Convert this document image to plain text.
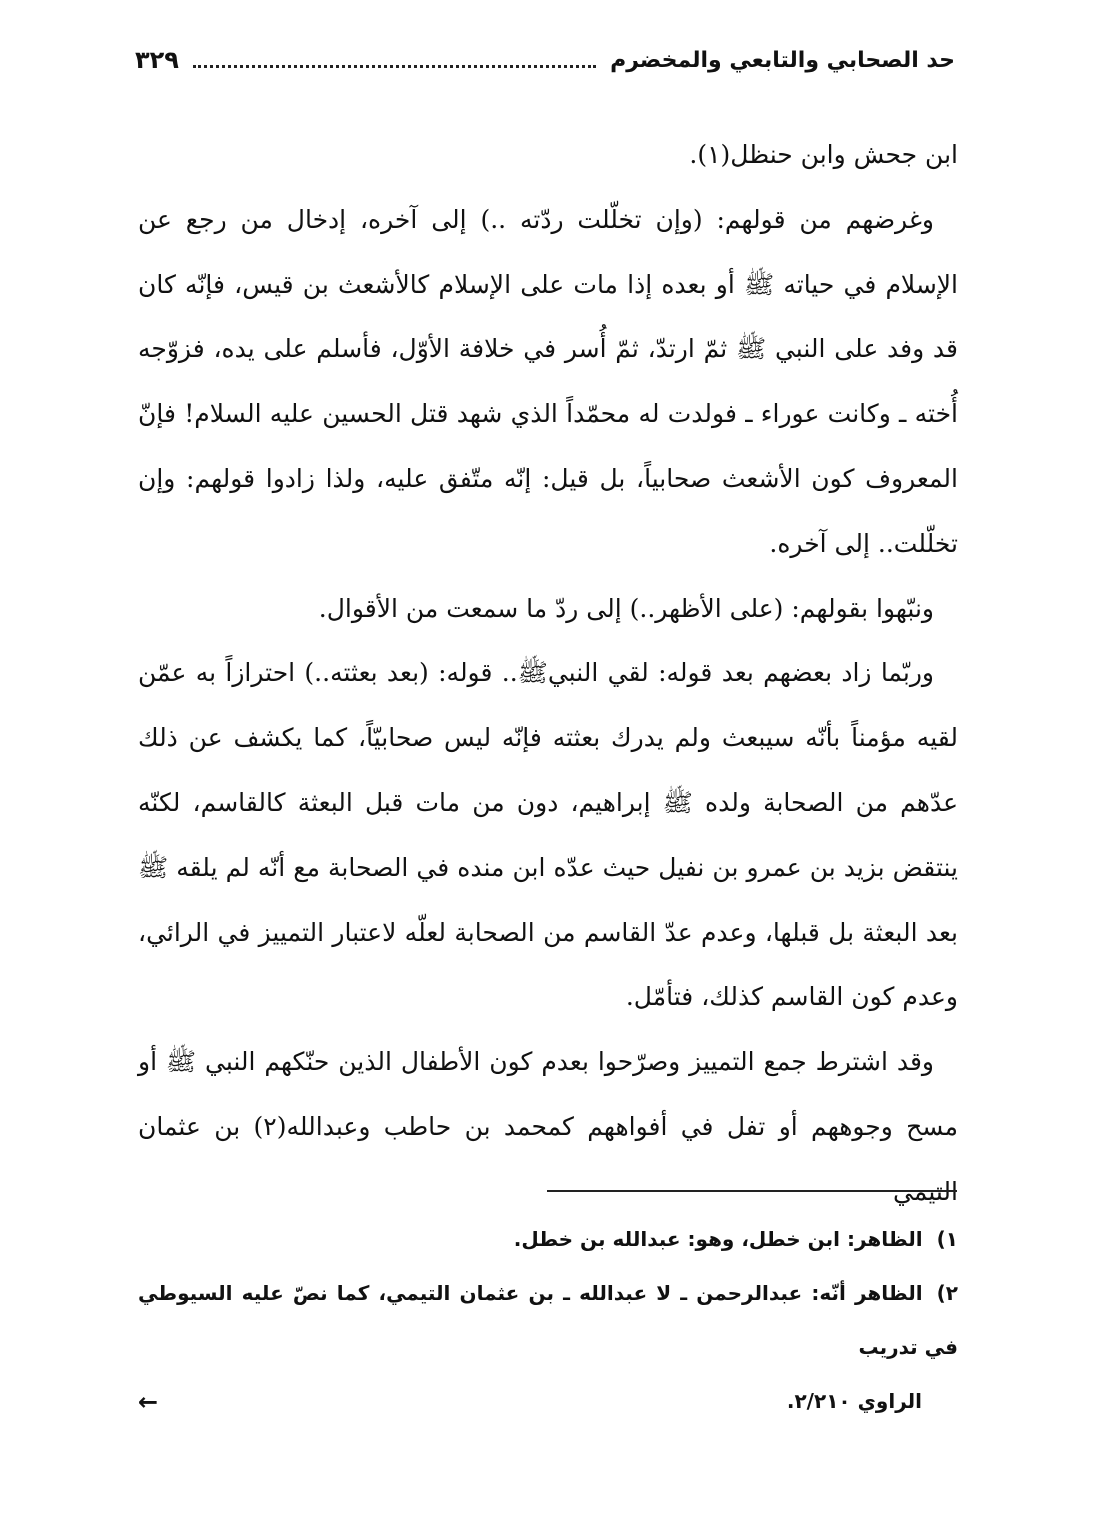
حد الصحابي والتابعي والمخضرم
٣٢٩

ابن جحش وابن حنظل(١).

وغرضهم من قولهم: (وإن تخلّلت ردّته ..) إلى آخره، إدخال من رجع عن الإسلام في حياته ﷺ أو بعده إذا مات على الإسلام كالأشعث بن قيس، فإنّه كان قد وفد على النبي ﷺ ثمّ ارتدّ، ثمّ أُسر في خلافة الأوّل، فأسلم على يده، فزوّجه أُخته ـ وكانت عوراء ـ فولدت له محمّداً الذي شهد قتل الحسين عليه السلام! فإنّ المعروف كون الأشعث صحابياً، بل قيل: إنّه متّفق عليه، ولذا زادوا قولهم: وإن تخلّلت.. إلى آخره.

ونبّهوا بقولهم: (على الأظهر..) إلى ردّ ما سمعت من الأقوال.

وربّما زاد بعضهم بعد قوله: لقي النبيﷺ.. قوله: (بعد بعثته..) احترازاً به عمّن لقيه مؤمناً بأنّه سيبعث ولم يدرك بعثته فإنّه ليس صحابيّاً، كما يكشف عن ذلك عدّهم من الصحابة ولده ﷺ إبراهيم، دون من مات قبل البعثة كالقاسم، لكنّه ينتقض بزيد بن عمرو بن نفيل حيث عدّه ابن منده في الصحابة مع أنّه لم يلقه ﷺ بعد البعثة بل قبلها، وعدم عدّ القاسم من الصحابة لعلّه لاعتبار التمييز في الرائي، وعدم كون القاسم كذلك، فتأمّل.

وقد اشترط جمع التمييز وصرّحوا بعدم كون الأطفال الذين حنّكهم النبي ﷺ أو مسح وجوههم أو تفل في أفواههم كمحمد بن حاطب وعبدالله(٢) بن عثمان التيمي

١)الظاهر: ابن خطل، وهو: عبدالله بن خطل.

٢)الظاهر أنّه: عبدالرحمن ـ لا عبدالله ـ بن عثمان التيمي، كما نصّ عليه السيوطي في تدريب

الراوي ٢/٢١٠.

←
